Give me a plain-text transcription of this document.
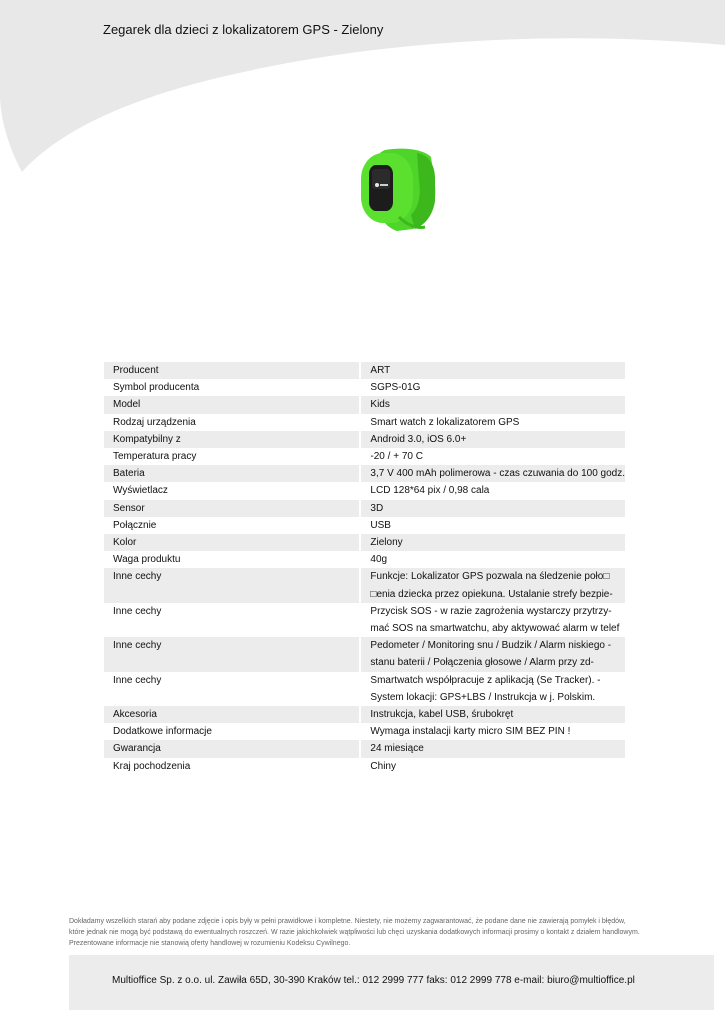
Zegarek dla dzieci z lokalizatorem GPS - Zielony
Producent		ART

Symbol producenta		SGPS-01G

Model		Kids

Rodzaj urządzenia		Smart watch z lokalizatorem GPS

Kompatybilny z		Android 3.0, iOS 6.0+

Temperatura pracy		-20 / + 70 C

Bateria		3,7 V 400 mAh polimerowa - czas czuwania do 100 godz.

Wyświetlacz		LCD 128*64 pix / 0,98 cala

Sensor		3D

Połącznie		USB

Kolor		Zielony

Waga produktu		40g

Inne cechy		Funkcje: Lokalizator GPS pozwala na śledzenie poło□
□enia dziecka przez opiekuna. Ustalanie strefy bezpie-

Inne cechy		Przycisk SOS - w razie zagrożenia wystarczy przytrzy-
mać SOS na smartwatchu, aby aktywować alarm w telef

Inne cechy		Pedometer / Monitoring snu / Budzik / Alarm niskiego -
stanu baterii / Połączenia głosowe / Alarm przy zd-

Inne cechy		Smartwatch współpracuje z aplikacją (Se Tracker). -
System lokacji: GPS+LBS / Instrukcja w j. Polskim.

Akcesoria		Instrukcja, kabel USB, śrubokręt

Dodatkowe informacje		Wymaga instalacji karty micro SIM BEZ PIN !

Gwarancja		24 miesiące

Kraj pochodzenia		Chiny
Dokładamy wszelkich starań aby podane zdjęcie i opis były w pełni prawidłowe i kompletne. Niestety, nie możemy zagwarantować, że podane dane nie zawierają pomyłek i błędów,
które jednak nie mogą być podstawą do ewentualnych roszczeń. W razie jakichkolwiek wątpliwości lub chęci uzyskania dodatkowych informacji prosimy o kontakt z działem handlowym.
Prezentowane informacje nie stanowią oferty handlowej w rozumieniu Kodeksu Cywilnego.
Multioffice Sp. z o.o. ul. Zawiła 65D, 30-390 Kraków tel.: 012 2999 777 faks: 012 2999 778 e-mail: biuro@multioffice.pl
